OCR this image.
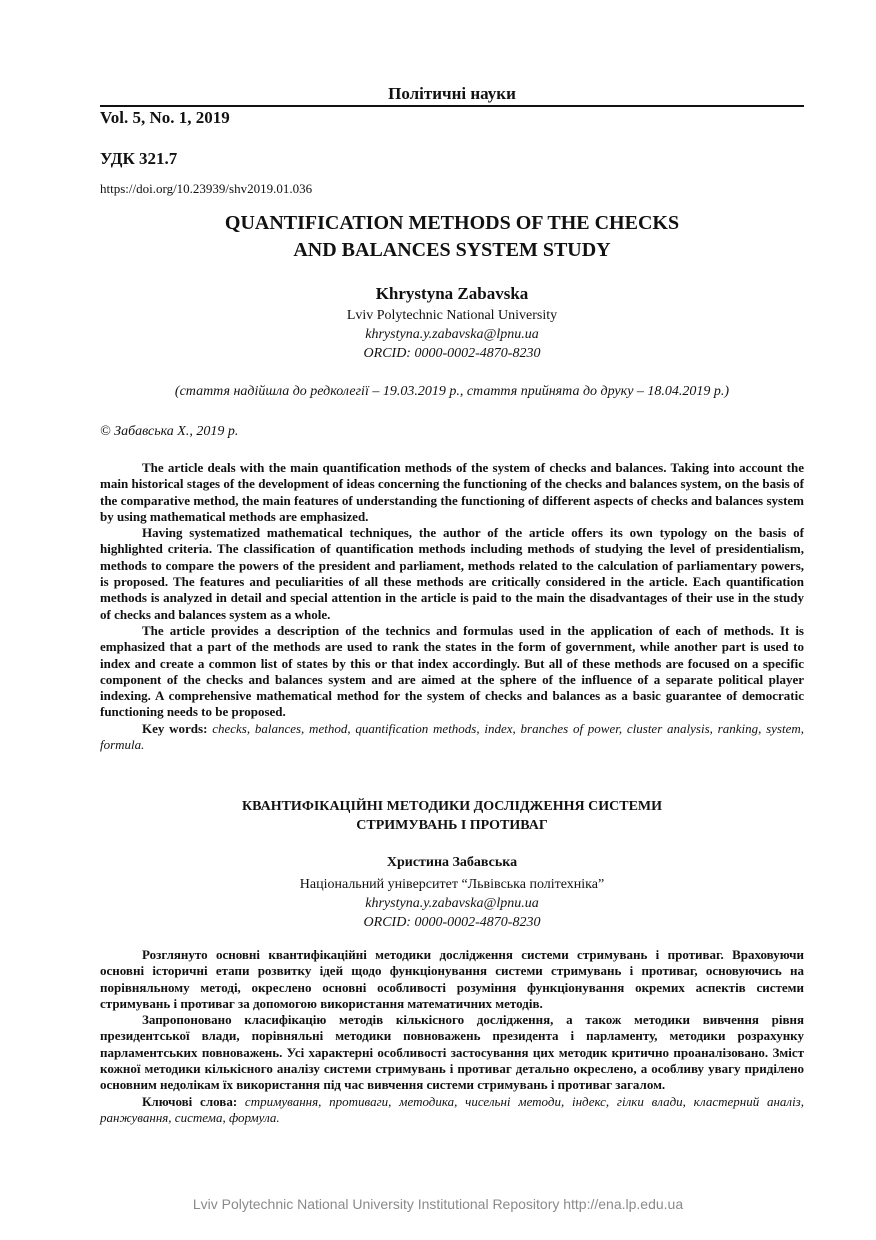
Політичні науки
Vol. 5, No. 1, 2019
УДК 321.7
https://doi.org/10.23939/shv2019.01.036
QUANTIFICATION METHODS OF THE CHECKS
AND BALANCES SYSTEM STUDY
Khrystyna Zabavska
Lviv Polytechnic National University
khrystyna.y.zabavska@lpnu.ua
ORCID: 0000-0002-4870-8230
(стаття надійшла до редколегії – 19.03.2019 р., стаття прийнята до друку – 18.04.2019 р.)
© Забавська Х., 2019 р.

The article deals with the main quantification methods of the system of checks and balances. Taking into account the main historical stages of the development of ideas concerning the functioning of the checks and balances system, on the basis of the comparative method, the main features of understanding the functioning of different aspects of checks and balances system by using mathematical methods are emphasized.

Having systematized mathematical techniques, the author of the article offers its own typology on the basis of highlighted criteria. The classification of quantification methods including methods of studying the level of presidentialism, methods to compare the powers of the president and parliament, methods related to the calculation of parliamentary powers, is proposed. The features and peculiarities of all these methods are critically considered in the article. Each quantification methods is analyzed in detail and special attention in the article is paid to the main the disadvantages of their use in the study of checks and balances system as a whole.

The article provides a description of the technics and formulas used in the application of each of methods. It is emphasized that a part of the methods are used to rank the states in the form of government, while another part is used to index and create a common list of states by this or that index accordingly. But all of these methods are focused on a specific component of the checks and balances system and are aimed at the sphere of the influence of a separate political player indexing. A comprehensive mathematical method for the system of checks and balances as a basic guarantee of democratic functioning needs to be proposed.

Key words: checks, balances, method, quantification methods, index, branches of power, cluster analysis, ranking, system, formula.

КВАНТИФІКАЦІЙНІ МЕТОДИКИ ДОСЛІДЖЕННЯ СИСТЕМИ
СТРИМУВАНЬ І ПРОТИВАГ
Христина Забавська
Національний університет “Львівська політехніка”
khrystyna.y.zabavska@lpnu.ua
ORCID: 0000-0002-4870-8230

Розглянуто основні квантифікаційні методики дослідження системи стримувань і противаг. Враховуючи основні історичні етапи розвитку ідей щодо функціонування системи стримувань і противаг, основуючись на порівняльному методі, окреслено основні особливості розуміння функціонування окремих аспектів системи стримувань і противаг за допомогою використання математичних методів.

Запропоновано класифікацію методів кількісного дослідження, а також методики вивчення рівня президентської влади, порівняльні методики повноважень президента і парламенту, методики розрахунку парламентських повноважень. Усі характерні особливості застосування цих методик критично проаналізовано. Зміст кожної методики кількісного аналізу системи стримувань і противаг детально окреслено, а особливу увагу приділено основним недолікам їх використання під час вивчення системи стримувань і противаг загалом.

Ключові слова: стримування, противаги, методика, чисельні методи, індекс, гілки влади, кластерний аналіз, ранжування, система, формула.

Lviv Polytechnic National University Institutional Repository http://ena.lp.edu.ua
